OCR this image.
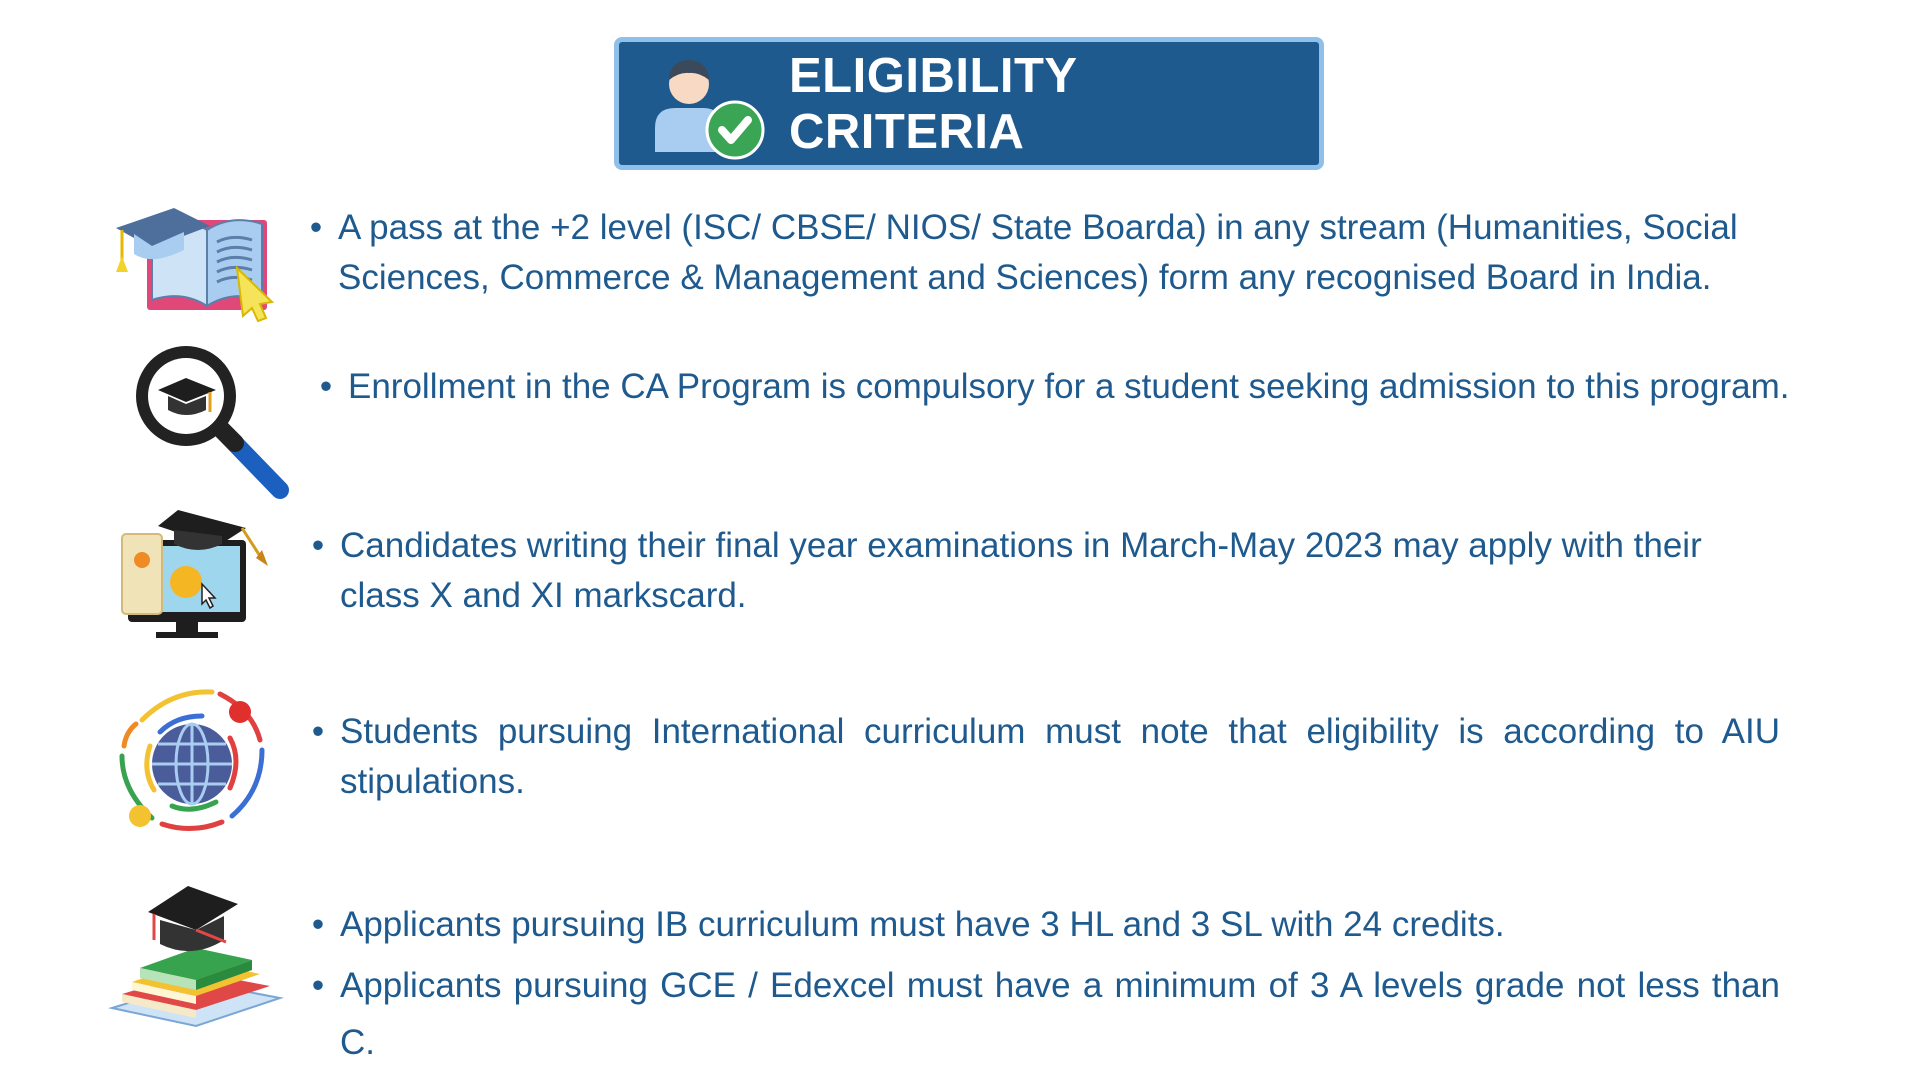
ELIGIBILITY CRITERIA
• A pass at the +2 level (ISC/ CBSE/ NIOS/ State Boarda) in any stream (Humanities, Social Sciences, Commerce & Management and Sciences) form any recognised Board in India.
• Enrollment in the CA Program is compulsory for a student seeking admission to this program.
• Candidates writing their final year examinations in March-May 2023 may apply with their class X and XI markscard.
• Students pursuing International curriculum must note that eligibility is according to AIU stipulations.
• Applicants pursuing IB curriculum must have 3 HL and 3 SL with 24 credits.
• Applicants pursuing GCE / Edexcel must have a minimum of 3 A levels grade not less than C.
